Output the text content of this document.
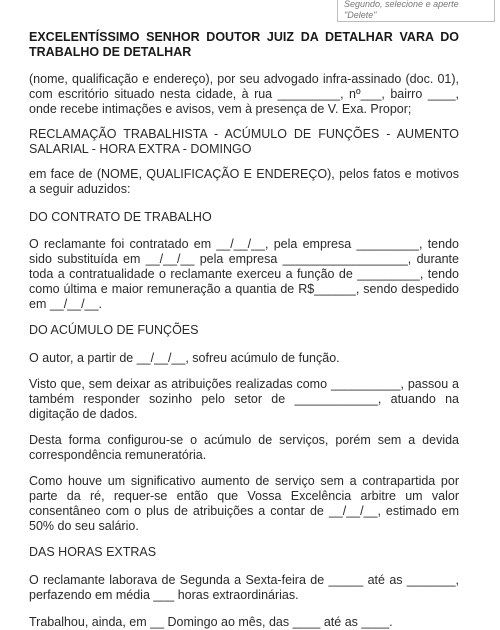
Segundo, selecione e aperte
"Delete"

EXCELENTÍSSIMO SENHOR DOUTOR JUIZ DA DETALHAR VARA DO TRABALHO DE DETALHAR

(nome, qualificação e endereço), por seu advogado infra-assinado (doc. 01), com escritório situado nesta cidade, à rua _________, nº___, bairro ____, onde recebe intimações e avisos, vem à presença de V. Exa. Propor;

RECLAMAÇÃO TRABALHISTA - ACÚMULO DE FUNÇÕES - AUMENTO SALARIAL - HORA EXTRA - DOMINGO

em face de (NOME, QUALIFICAÇÃO E ENDEREÇO), pelos fatos e motivos a seguir aduzidos:

DO CONTRATO DE TRABALHO

O reclamante foi contratado em __/__/__, pela empresa _________, tendo sido substituída em __/__/__ pela empresa __________________, durante toda a contratualidade o reclamante exerceu a função de _________, tendo como última e maior remuneração a quantia de R$______, sendo despedido em __/__/__.

DO ACÚMULO DE FUNÇÕES

O autor, a partir de __/__/__, sofreu acúmulo de função.

Visto que, sem deixar as atribuições realizadas como __________, passou a também responder sozinho pelo setor de ____________, atuando na digitação de dados.

Desta forma configurou-se o acúmulo de serviços, porém sem a devida correspondência remuneratória.

Como houve um significativo aumento de serviço sem a contrapartida por parte da ré, requer-se então que Vossa Excelência arbitre um valor consentâneo com o plus de atribuições a contar de __/__/__, estimado em 50% do seu salário.

DAS HORAS EXTRAS

O reclamante laborava de Segunda a Sexta-feira de _____ até as _______, perfazendo em média ___ horas extraordinárias.

Trabalhou, ainda, em __ Domingo ao mês, das ____ até as ____.
